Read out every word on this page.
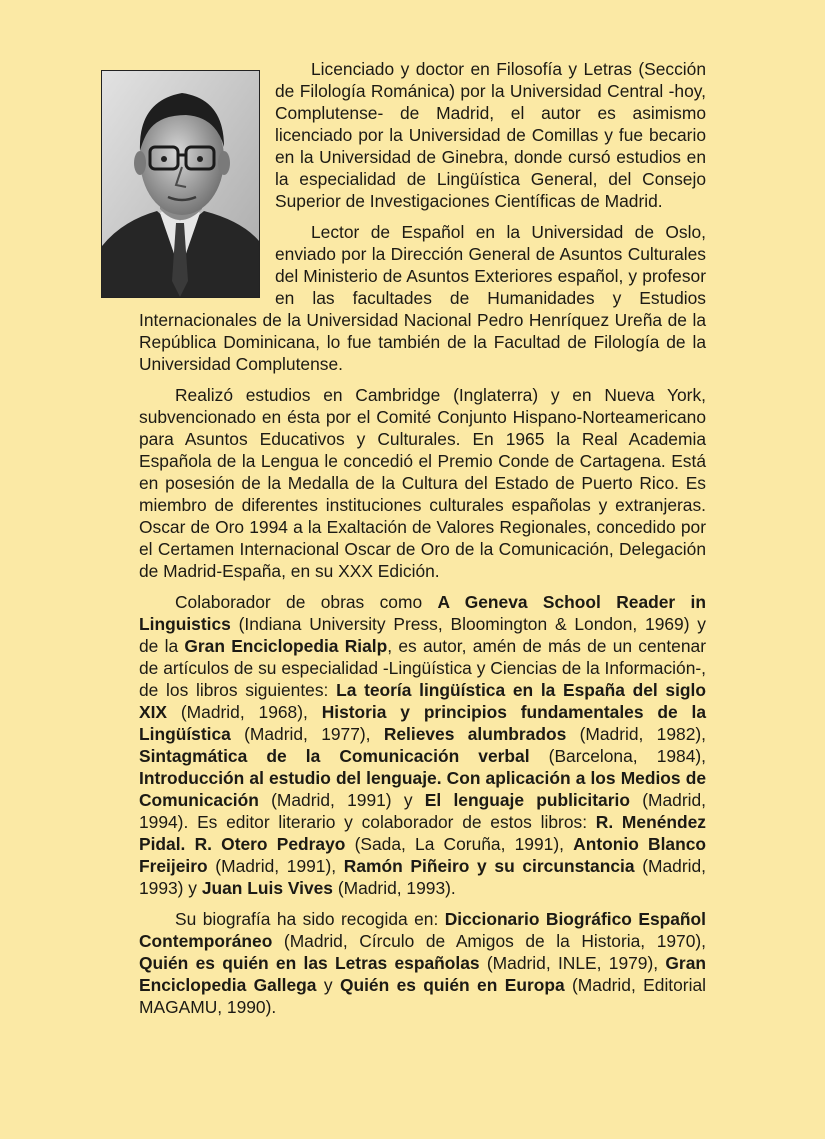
Licenciado y doctor en Filosofía y Letras (Sección de Filología Románica) por la Universidad Central -hoy, Complutense- de Madrid, el autor es asimismo licenciado por la Universidad de Comillas y fue becario en la Universidad de Ginebra, donde cursó estudios en la especialidad de Lingüística General, del Consejo Superior de Investigaciones Científicas de Madrid.

Lector de Español en la Universidad de Oslo, enviado por la Dirección General de Asuntos Culturales del Ministerio de Asuntos Exteriores español, y profesor en las facultades de Humanidades y Estudios Internacionales de la Universidad Nacional Pedro Henríquez Ureña de la República Dominicana, lo fue también de la Facultad de Filología de la Universidad Complutense.

Realizó estudios en Cambridge (Inglaterra) y en Nueva York, subvencionado en ésta por el Comité Conjunto Hispano-Norteamericano para Asuntos Educativos y Culturales. En 1965 la Real Academia Española de la Lengua le concedió el Premio Conde de Cartagena. Está en posesión de la Medalla de la Cultura del Estado de Puerto Rico. Es miembro de diferentes instituciones culturales españolas y extranjeras. Oscar de Oro 1994 a la Exaltación de Valores Regionales, concedido por el Certamen Internacional Oscar de Oro de la Comunicación, Delegación de Madrid-España, en su XXX Edición.

Colaborador de obras como A Geneva School Reader in Linguistics (Indiana University Press, Bloomington & London, 1969) y de la Gran Enciclopedia Rialp, es autor, amén de más de un centenar de artículos de su especialidad -Lingüística y Ciencias de la Información-, de los libros siguientes: La teoría lingüística en la España del siglo XIX (Madrid, 1968), Historia y principios fundamentales de la Lingüística (Madrid, 1977), Relieves alumbrados (Madrid, 1982), Sintagmática de la Comunicación verbal (Barcelona, 1984), Introducción al estudio del lenguaje. Con aplicación a los Medios de Comunicación (Madrid, 1991) y El lenguaje publicitario (Madrid, 1994). Es editor literario y colaborador de estos libros: R. Menéndez Pidal. R. Otero Pedrayo (Sada, La Coruña, 1991), Antonio Blanco Freijeiro (Madrid, 1991), Ramón Piñeiro y su circunstancia (Madrid, 1993) y Juan Luis Vives (Madrid, 1993).

Su biografía ha sido recogida en: Diccionario Biográfico Español Contemporáneo (Madrid, Círculo de Amigos de la Historia, 1970), Quién es quién en las Letras españolas (Madrid, INLE, 1979), Gran Enciclopedia Gallega y Quién es quién en Europa (Madrid, Editorial MAGAMU, 1990).
